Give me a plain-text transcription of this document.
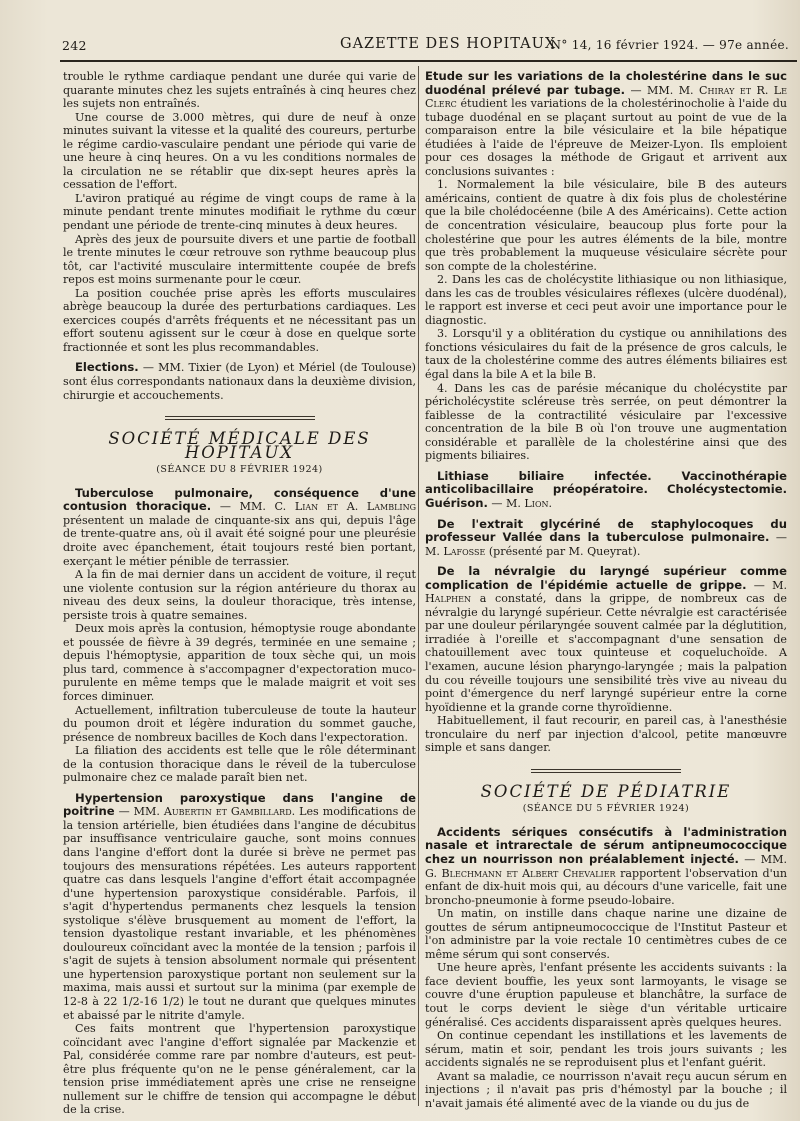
242	GAZETTE DES HOPITAUX
N° 14, 16 février 1924. — 97e année.

trouble le rythme cardiaque pendant une durée qui varie de quarante minutes chez les sujets entraînés à cinq heures chez les sujets non entraînés.

Une course de 3.000 mètres, qui dure de neuf à onze minutes suivant la vitesse et la qualité des coureurs, perturbe le régime cardio-vasculaire pendant une période qui varie de une heure à cinq heures. On a vu les conditions normales de la circulation ne se rétablir que dix-sept heures après la cessation de l'effort.

L'aviron pratiqué au régime de vingt coups de rame à la minute pendant trente minutes modifiait le rythme du cœur pendant une période de trente-cinq minutes à deux heures.

Après des jeux de poursuite divers et une partie de football le trente minutes le cœur retrouve son rythme beaucoup plus tôt, car l'activité musculaire intermittente coupée de brefs repos est moins surmenante pour le cœur.

La position couchée prise après les efforts musculaires abrège beaucoup la durée des perturbations cardiaques. Les exercices coupés d'arrêts fréquents et ne nécessitant pas un effort soutenu agissent sur le cœur à dose en quelque sorte fractionnée et sont les plus recommandables.

Elections. — MM. Tixier (de Lyon) et Mériel (de Toulouse) sont élus correspondants nationaux dans la deuxième division, chirurgie et accouchements.

SOCIÉTÉ MÉDICALE DES HOPITAUX
(SÉANCE DU 8 FÉVRIER 1924)

Tuberculose pulmonaire, conséquence d'une contusion thoracique. — MM. C. Lian et A. Lambling présentent un malade de cinquante-six ans qui, depuis l'âge de trente-quatre ans, où il avait été soigné pour une pleurésie droite avec épanchement, était toujours resté bien portant, exerçant le métier pénible de terrassier.

A la fin de mai dernier dans un accident de voiture, il reçut une violente contusion sur la région antérieure du thorax au niveau des deux seins, la douleur thoracique, très intense, persiste trois à quatre semaines.

Deux mois après la contusion, hémoptysie rouge abondante et poussée de fièvre à 39 degrés, terminée en une semaine ; depuis l'hémoptysie, apparition de toux sèche qui, un mois plus tard, commence à s'accompagner d'expectoration muco-purulente en même temps que le malade maigrit et voit ses forces diminuer.

Actuellement, infiltration tuberculeuse de toute la hauteur du poumon droit et légère induration du sommet gauche, présence de nombreux bacilles de Koch dans l'expectoration.

La filiation des accidents est telle que le rôle déterminant de la contusion thoracique dans le réveil de la tuberculose pulmonaire chez ce malade paraît bien net.

Hypertension paroxystique dans l'angine de poitrine — MM. Aubertin et Gambillard. Les modifications de la tension artérielle, bien étudiées dans l'angine de décubitus par insuffisance ventriculaire gauche, sont moins connues dans l'angine d'effort dont la durée si brève ne permet pas toujours des mensurations répétées. Les auteurs rapportent quatre cas dans lesquels l'angine d'effort était accompagnée d'une hypertension paroxystique considérable. Parfois, il s'agit d'hypertendus permanents chez lesquels la tension systolique s'élève brusquement au moment de l'effort, la tension dyastolique restant invariable, et les phénomènes douloureux coïncidant avec la montée de la tension ; parfois il s'agit de sujets à tension absolument normale qui présentent une hypertension paroxystique portant non seulement sur la maxima, mais aussi et surtout sur la minima (par exemple de 12-8 à 22 1/2-16 1/2) le tout ne durant que quelques minutes et abaissé par le nitrite d'amyle.

Ces faits montrent que l'hypertension paroxystique coïncidant avec l'angine d'effort signalée par Mackenzie et Pal, considérée comme rare par nombre d'auteurs, est peut-être plus fréquente qu'on ne le pense généralement, car la tension prise immédiatement après une crise ne renseigne nullement sur le chiffre de tension qui accompagne le début de la crise.

Etude sur les variations de la cholestérine dans le suc duodénal prélevé par tubage. — MM. M. Chiray et R. Le Clerc étudient les variations de la cholestérinocholie à l'aide du tubage duodénal en se plaçant surtout au point de vue de la comparaison entre la bile vésiculaire et la bile hépatique étudiées à l'aide de l'épreuve de Meizer-Lyon. Ils emploient pour ces dosages la méthode de Grigaut et arrivent aux conclusions suivantes :

1. Normalement la bile vésiculaire, bile B des auteurs américains, contient de quatre à dix fois plus de cholestérine que la bile cholédocéenne (bile A des Américains). Cette action de concentration vésiculaire, beaucoup plus forte pour la cholestérine que pour les autres éléments de la bile, montre que très probablement la muqueuse vésiculaire sécrète pour son compte de la cholestérine.

2. Dans les cas de cholécystite lithiasique ou non lithiasique, dans les cas de troubles vésiculaires réflexes (ulcère duodénal), le rapport est inverse et ceci peut avoir une importance pour le diagnostic.

3. Lorsqu'il y a oblitération du cystique ou annihilations des fonctions vésiculaires du fait de la présence de gros calculs, le taux de la cholestérine comme des autres éléments biliaires est égal dans la bile A et la bile B.

4. Dans les cas de parésie mécanique du cholécystite par péricholécystite scléreuse très serrée, on peut démontrer la faiblesse de la contractilité vésiculaire par l'excessive concentration de la bile B où l'on trouve une augmentation considérable et parallèle de la cholestérine ainsi que des pigments biliaires.

Lithiase biliaire infectée. Vaccinothérapie anticolibacillaire préopératoire. Cholécystectomie. Guérison. — M. Lion.

De l'extrait glycériné de staphylocoques du professeur Vallée dans la tuberculose pulmonaire. — M. Lafosse (présenté par M. Queyrat).

De la névralgie du laryngé supérieur comme complication de l'épidémie actuelle de grippe. — M. Halphen a constaté, dans la grippe, de nombreux cas de névralgie du laryngé supérieur. Cette névralgie est caractérisée par une douleur périlaryngée souvent calmée par la déglutition, irradiée à l'oreille et s'accompagnant d'une sensation de chatouillement avec toux quinteuse et coqueluchoïde. A l'examen, aucune lésion pharyngo-laryngée ; mais la palpation du cou réveille toujours une sensibilité très vive au niveau du point d'émergence du nerf laryngé supérieur entre la corne hyoïdienne et la grande corne thyroïdienne.

Habituellement, il faut recourir, en pareil cas, à l'anesthésie tronculaire du nerf par injection d'alcool, petite manœuvre simple et sans danger.

SOCIÉTÉ DE PÉDIATRIE
(SÉANCE DU 5 FÉVRIER 1924)

Accidents sériques consécutifs à l'administration nasale et intrarectale de sérum antipneumococcique chez un nourrisson non préalablement injecté. — MM. G. Blechmann et Albert Chevalier rapportent l'observation d'un enfant de dix-huit mois qui, au décours d'une varicelle, fait une broncho-pneumonie à forme pseudo-lobaire.

Un matin, on instille dans chaque narine une dizaine de gouttes de sérum antipneumococcique de l'Institut Pasteur et l'on administre par la voie rectale 10 centimètres cubes de ce même sérum qui sont conservés.

Une heure après, l'enfant présente les accidents suivants : la face devient bouffie, les yeux sont larmoyants, le visage se couvre d'une éruption papuleuse et blanchâtre, la surface de tout le corps devient le siège d'un véritable urticaire généralisé. Ces accidents disparaissent après quelques heures.

On continue cependant les instillations et les lavements de sérum, matin et soir, pendant les trois jours suivants ; les accidents signalés ne se reproduisent plus et l'enfant guérit.

Avant sa maladie, ce nourrisson n'avait reçu aucun sérum en injections ; il n'avait pas pris d'hémostyl par la bouche ; il n'avait jamais été alimenté avec de la viande ou du jus de
